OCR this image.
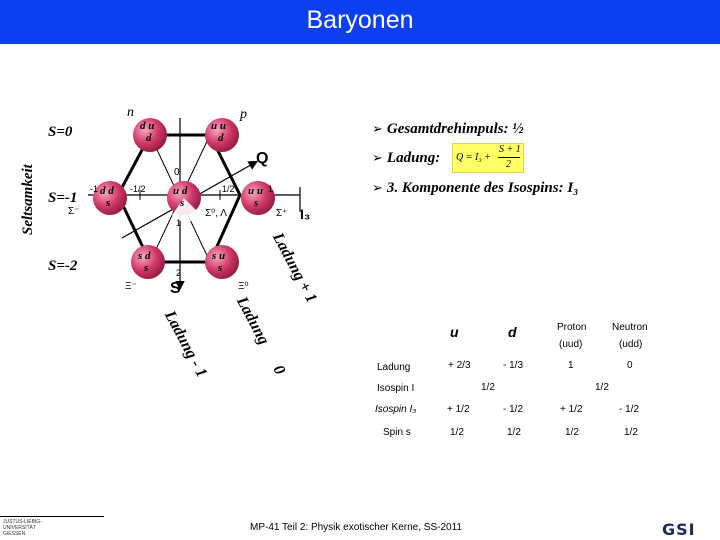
Baryonen
Seltsamkeit
S=0
S=-1
S=-2
d u
d
u u
d
d d
s
u d
s
u u
s
s d
s
s u
s
n	p
-1	-1/2	1/2	1
0
1
2
Σ⁻	Σ⁰, Λ	Σ⁺
Ξ⁻	Ξ⁰
Q
S
I₃
Ladung + 1
Ladung 0
Ladung - 1
➢ Gesamtdrehimpuls: ½
➢ Ladung: Q = I₃ +
S + 1
2
➢ 3. Komponente des Isospins: I₃
u	d	Proton
(uud)
Neutron
(udd)
Ladung	+ 2/3	- 1/3	1	0
Isospin I	1/2	1/2
Isospin I₃	+ 1/2	- 1/2	+ 1/2	- 1/2
Spin s	1/2	1/2	1/2	1/2
JUSTUS-LIEBIG-
UNIVERSITÄT
GIESSEN
MP-41 Teil 2: Physik exotischer Kerne, SS-2011	GSI
